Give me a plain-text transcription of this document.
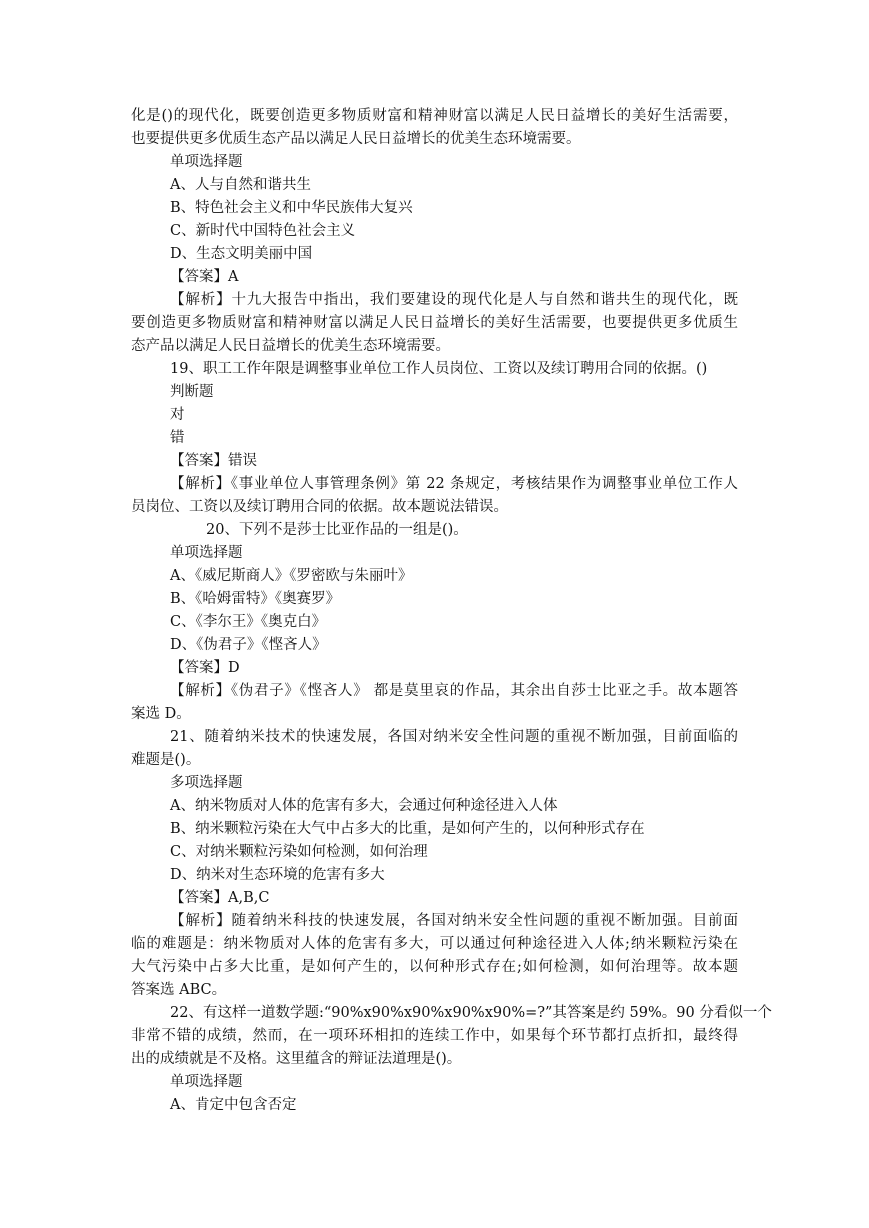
化是()的现代化，既要创造更多物质财富和精神财富以满足人民日益增长的美好生活需要，
也要提供更多优质生态产品以满足人民日益增长的优美生态环境需要。
单项选择题
A、人与自然和谐共生
B、特色社会主义和中华民族伟大复兴
C、新时代中国特色社会主义
D、生态文明美丽中国
【答案】A
【解析】十九大报告中指出，我们要建设的现代化是人与自然和谐共生的现代化，既
要创造更多物质财富和精神财富以满足人民日益增长的美好生活需要，也要提供更多优质生
态产品以满足人民日益增长的优美生态环境需要。
19、职工工作年限是调整事业单位工作人员岗位、工资以及续订聘用合同的依据。()
判断题
对
错
【答案】错误
【解析】《事业单位人事管理条例》第 22 条规定，考核结果作为调整事业单位工作人
员岗位、工资以及续订聘用合同的依据。故本题说法错误。
20、下列不是莎士比亚作品的一组是()。
单项选择题
A、《威尼斯商人》《罗密欧与朱丽叶》
B、《哈姆雷特》《奥赛罗》
C、《李尔王》《奥克白》
D、《伪君子》《悭吝人》
【答案】D
【解析】《伪君子》《悭吝人》 都是莫里哀的作品，其余出自莎士比亚之手。故本题答
案选 D。
21、随着纳米技术的快速发展，各国对纳米安全性问题的重视不断加强，目前面临的
难题是()。
多项选择题
A、纳米物质对人体的危害有多大，会通过何种途径进入人体
B、纳米颗粒污染在大气中占多大的比重，是如何产生的，以何种形式存在
C、对纳米颗粒污染如何检测，如何治理
D、纳米对生态环境的危害有多大
【答案】A,B,C
【解析】随着纳米科技的快速发展，各国对纳米安全性问题的重视不断加强。目前面
临的难题是：纳米物质对人体的危害有多大，可以通过何种途径进入人体;纳米颗粒污染在
大气污染中占多大比重，是如何产生的，以何种形式存在;如何检测，如何治理等。故本题
答案选 ABC。
22、有这样一道数学题:“90%x90%x90%x90%x90%=?”其答案是约 59%。90 分看似一个
非常不错的成绩，然而，在一项环环相扣的连续工作中，如果每个环节都打点折扣，最终得
出的成绩就是不及格。这里蕴含的辩证法道理是()。
单项选择题
A、肯定中包含否定
